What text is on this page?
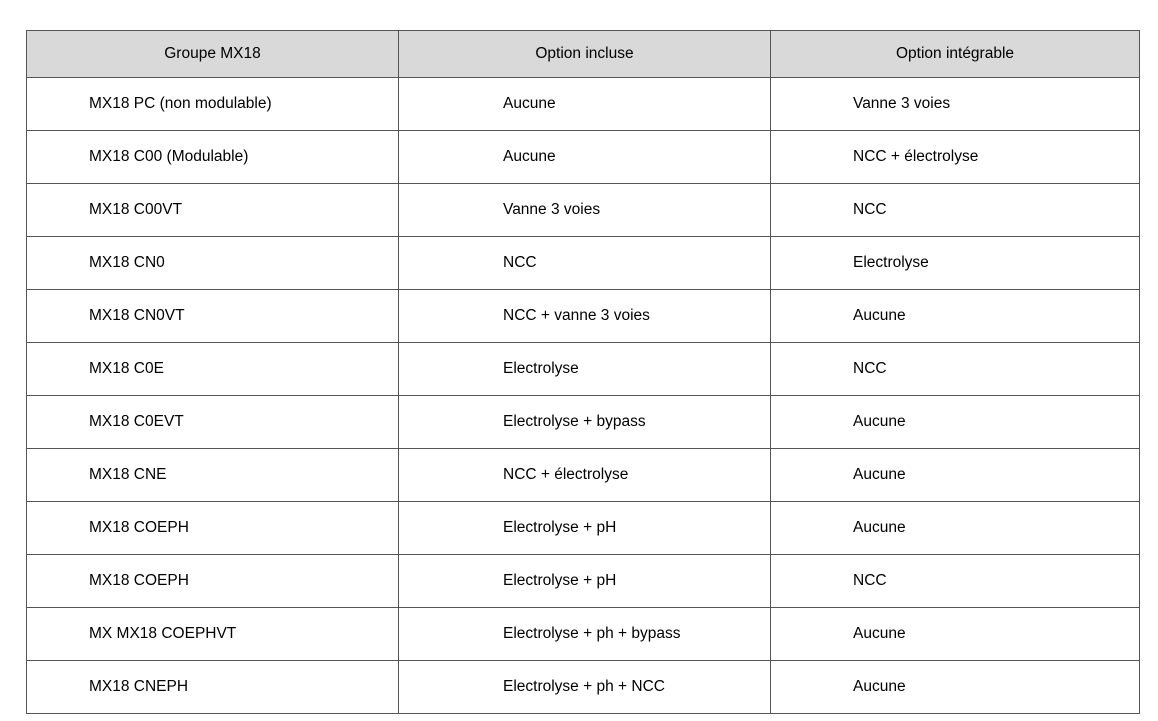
Groupe MX18	Option incluse	Option intégrable
MX18 PC (non modulable)	Aucune	Vanne 3 voies
MX18 C00 (Modulable)	Aucune	NCC + électrolyse
MX18 C00VT	Vanne 3 voies	NCC
MX18 CN0	NCC	Electrolyse
MX18 CN0VT	NCC + vanne 3 voies	Aucune
MX18 C0E	Electrolyse	NCC
MX18 C0EVT	Electrolyse + bypass	Aucune
MX18 CNE	NCC + électrolyse	Aucune
MX18 COEPH	Electrolyse + pH	Aucune
MX18 COEPH	Electrolyse + pH	NCC
MX MX18 COEPHVT	Electrolyse + ph + bypass	Aucune
MX18 CNEPH	Electrolyse + ph + NCC	Aucune
